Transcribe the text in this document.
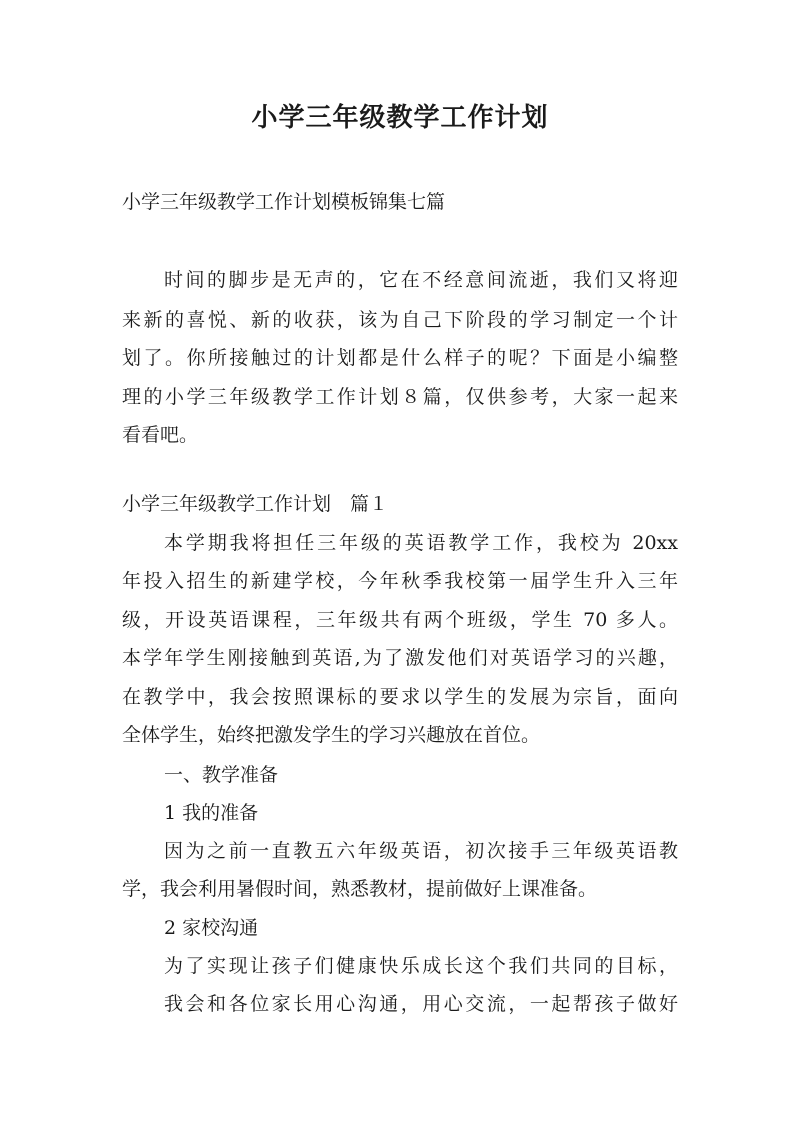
小学三年级教学工作计划

小学三年级教学工作计划模板锦集七篇

时间的脚步是无声的，它在不经意间流逝，我们又将迎

来新的喜悦、新的收获，该为自己下阶段的学习制定一个计

划了。你所接触过的计划都是什么样子的呢？下面是小编整

理的小学三年级教学工作计划８篇，仅供参考，大家一起来

看看吧。

小学三年级教学工作计划　篇１

本学期我将担任三年级的英语教学工作，我校为 20xx

年投入招生的新建学校，今年秋季我校第一届学生升入三年

级，开设英语课程，三年级共有两个班级，学生 70 多人。

本学年学生刚接触到英语,为了激发他们对英语学习的兴趣，

在教学中，我会按照课标的要求以学生的发展为宗旨，面向

全体学生，始终把激发学生的学习兴趣放在首位。

一、教学准备

1 我的准备

因为之前一直教五六年级英语，初次接手三年级英语教

学，我会利用暑假时间，熟悉教材，提前做好上课准备。

2 家校沟通

为了实现让孩子们健康快乐成长这个我们共同的目标，

我会和各位家长用心沟通，用心交流，一起帮孩子做好
